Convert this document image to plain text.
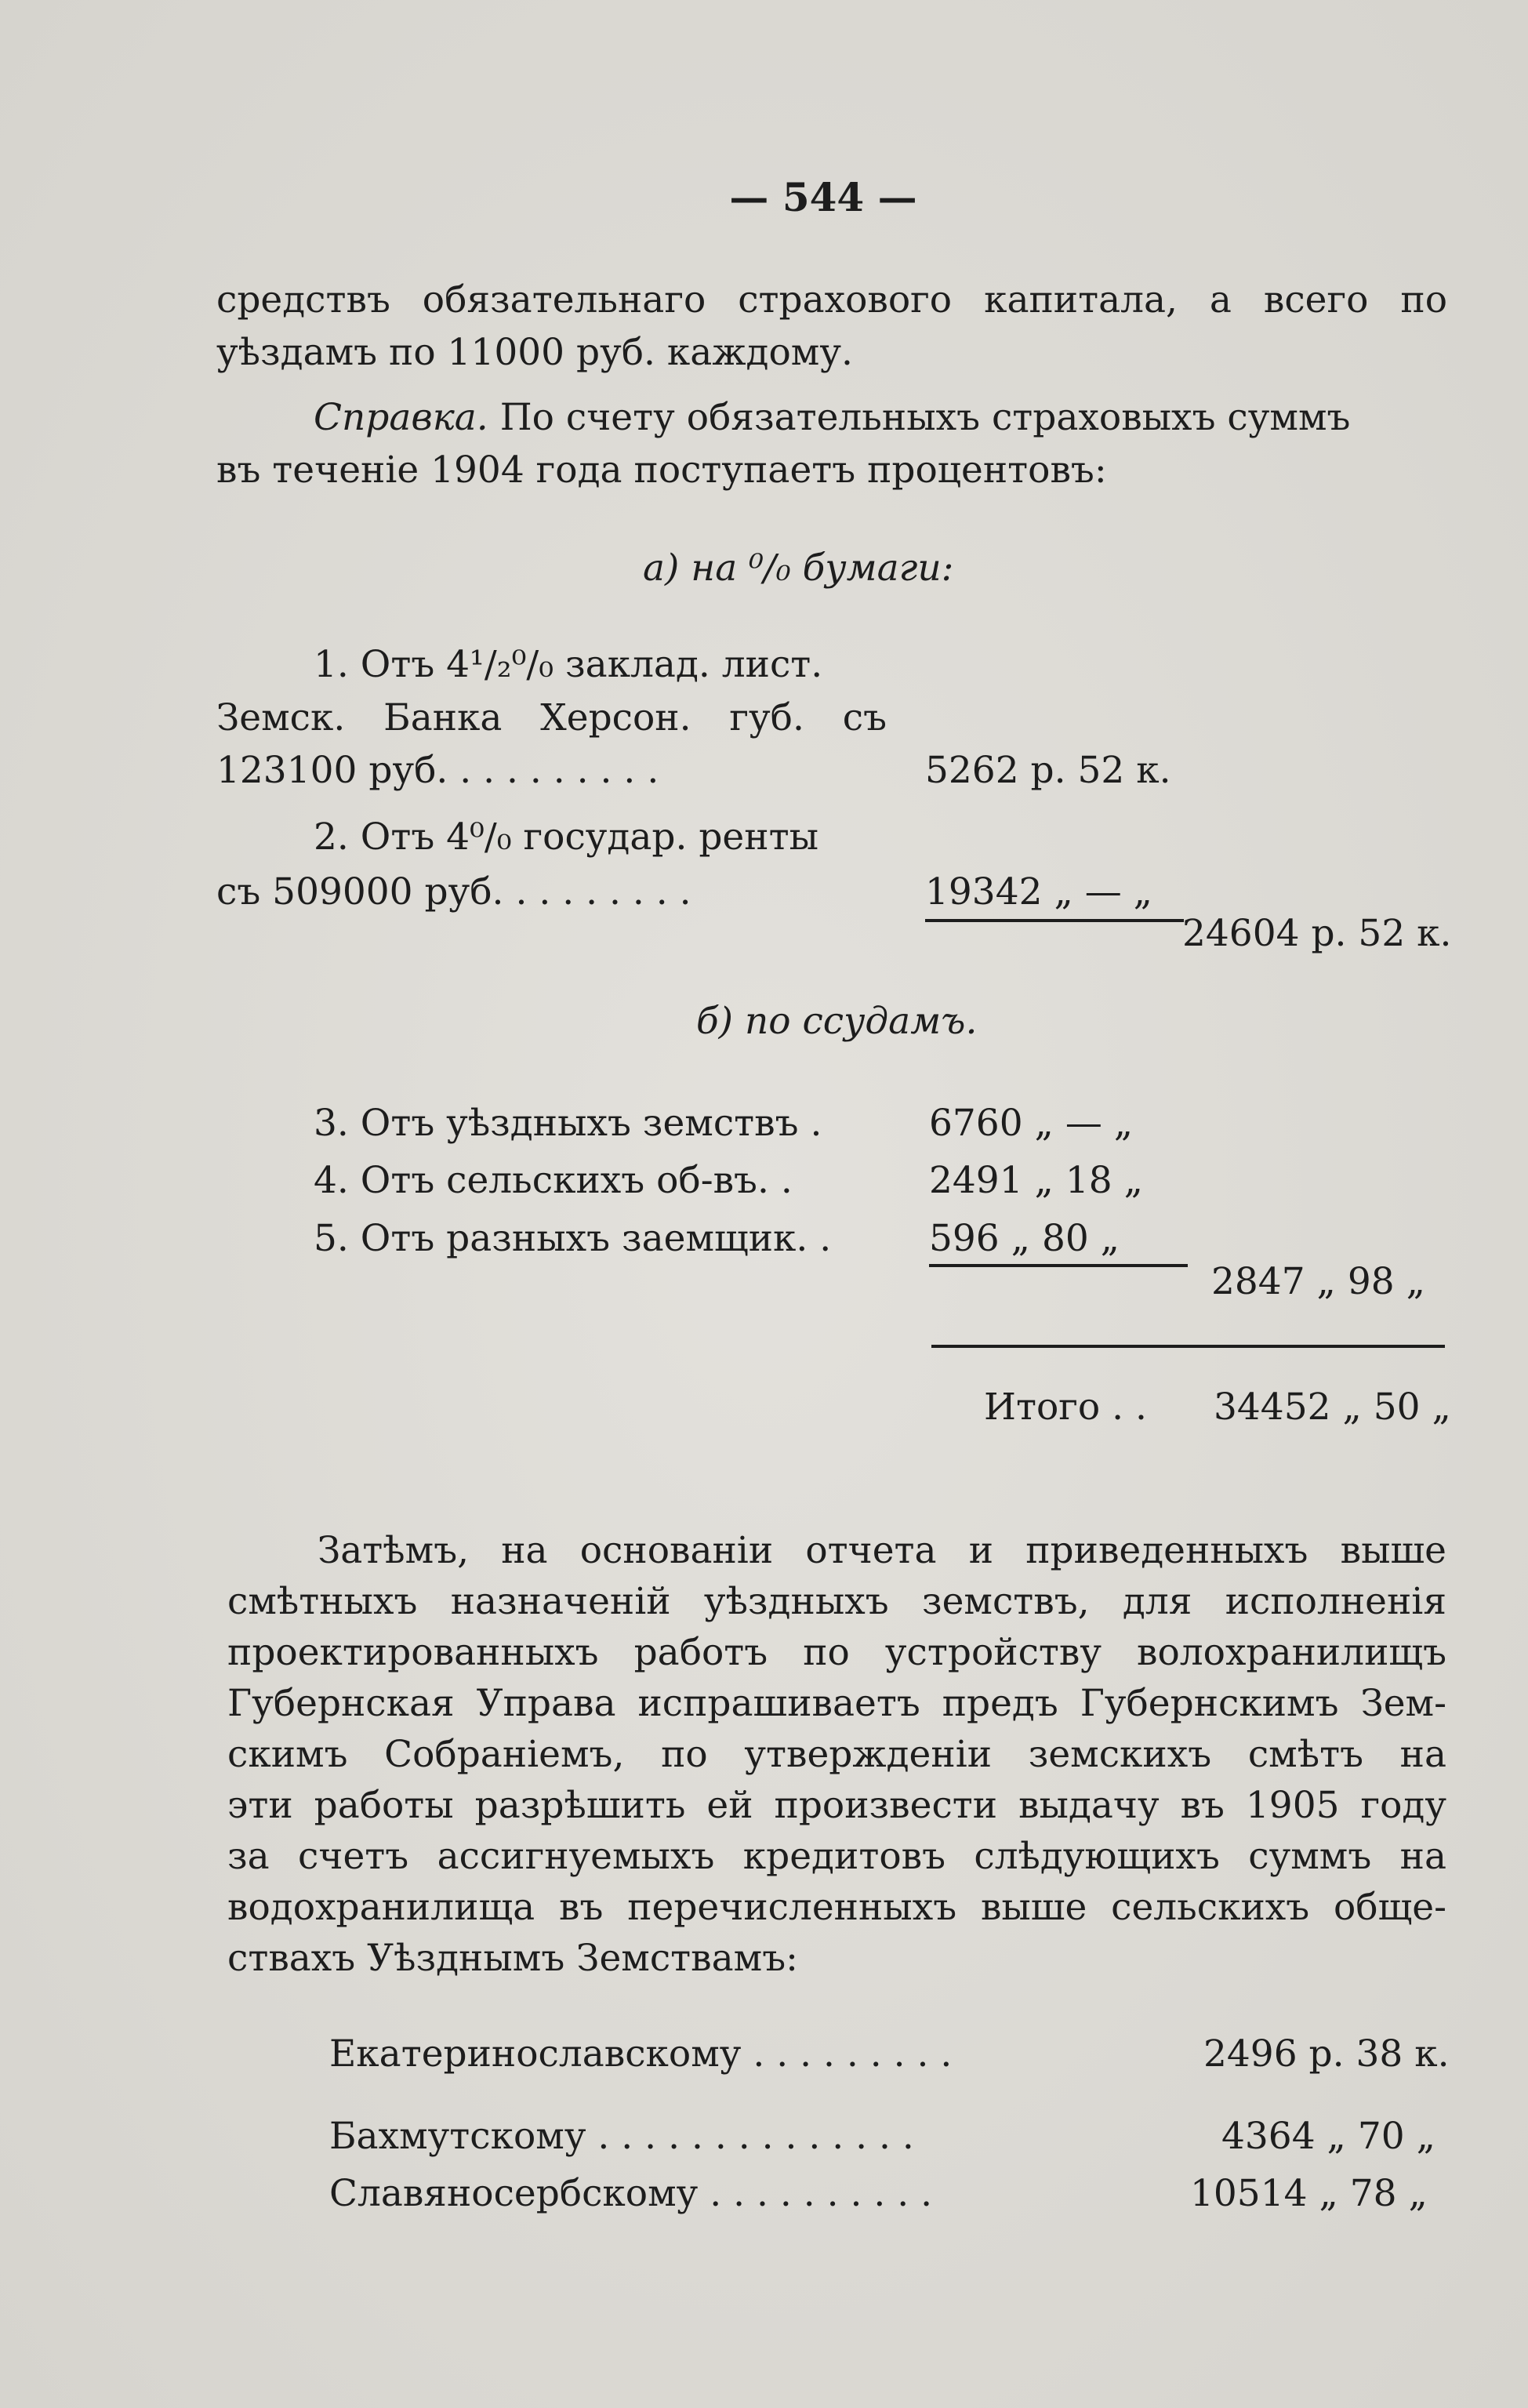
— 544 —
средствъ обязательнаго страхового капитала, а всего по
уѣздамъ по 11000 руб. каждому.
Справка. По счету обязательныхъ страховыхъ суммъ
въ теченіе 1904 года поступаетъ процентовъ:
а) на ⁰/₀ бумаги:
1. Отъ 4¹/₂⁰/₀ заклад. лист.
Земск. Банка Херсон. губ. съ
123100 руб. . . . . . . . . .	5262 р. 52 к.
2. Отъ 4⁰/₀ государ. ренты
съ 509000 руб. . . . . . . . .	19342 „ — „
24604 р. 52 к.
б) по ссудамъ.
3. Отъ уѣздныхъ земствъ .	6760 „ — „
4. Отъ сельскихъ об-въ. .	2491 „ 18 „
5. Отъ разныхъ заемщик. .	596 „ 80 „
2847 „ 98 „
Итого . . 34452 „ 50 „
Затѣмъ, на основаніи отчета и приведенныхъ выше
смѣтныхъ назначеній уѣздныхъ земствъ, для исполненія
проектированныхъ работъ по устройству волохранилищъ
Губернская Управа испрашиваетъ предъ Губернскимъ Зем-
скимъ Собраніемъ, по утвержденіи земскихъ смѣтъ на
эти работы разрѣшить ей произвести выдачу въ 1905 году
за счетъ ассигнуемыхъ кредитовъ слѣдующихъ суммъ на
водохранилища въ перечисленныхъ выше сельскихъ обще-
ствахъ Уѣзднымъ Земствамъ:
Екатеринославскому . . . . . . . . .	2496 р. 38 к.
Бахмутскому . . . . . . . . . . . . . .	4364 „ 70 „
Славяносербскому . . . . . . . . . .	10514 „ 78 „
